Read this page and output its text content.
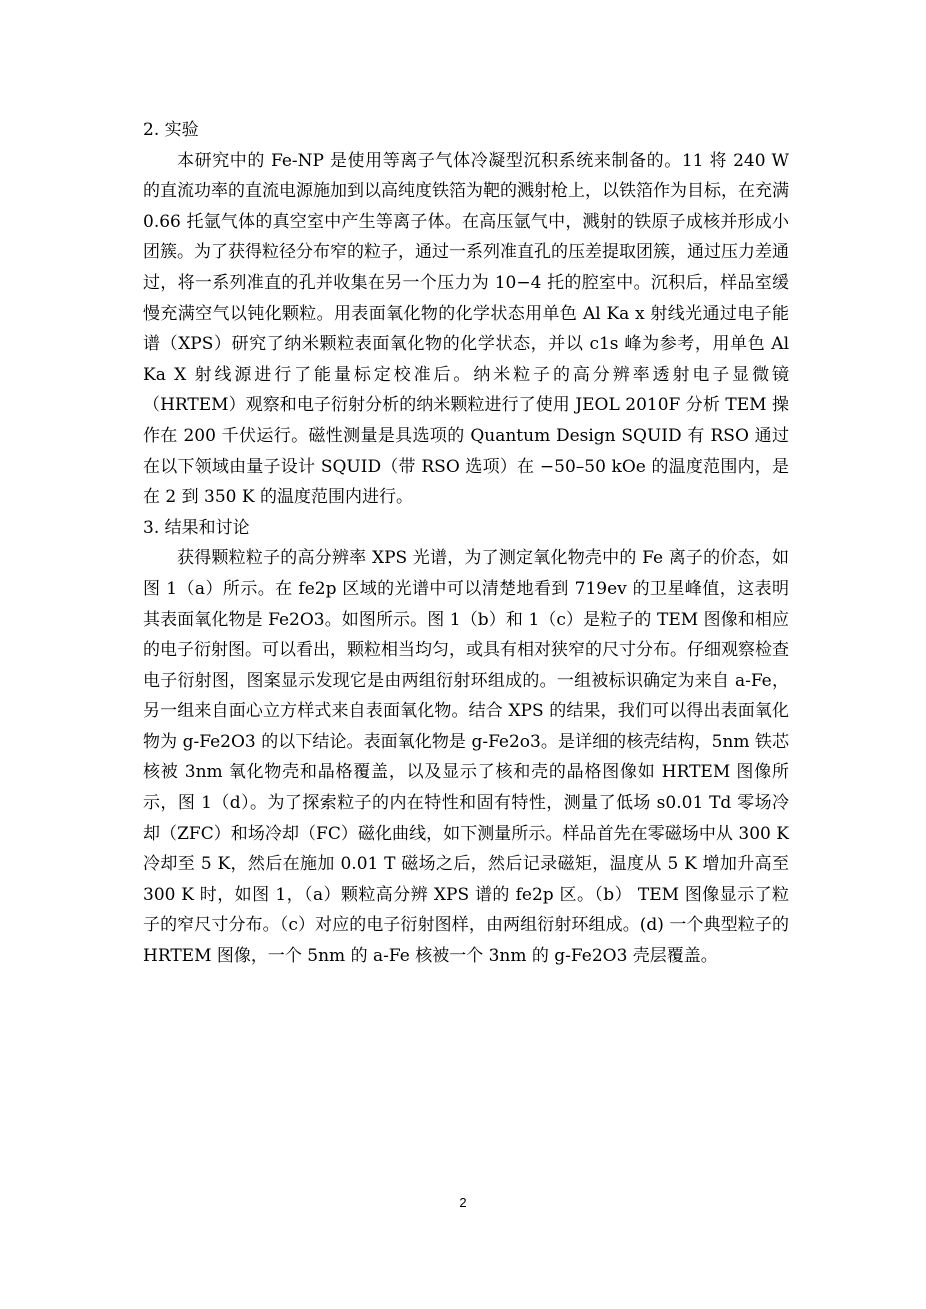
2. 实验

本研究中的 Fe-NP 是使用等离子气体冷凝型沉积系统来制备的。11 将 240 W 的直流功率的直流电源施加到以高纯度铁箔为靶的溅射枪上，以铁箔作为目标，在充满 0.66 托氩气体的真空室中产生等离子体。在高压氩气中，溅射的铁原子成核并形成小团簇。为了获得粒径分布窄的粒子，通过一系列准直孔的压差提取团簇，通过压力差通过，将一系列准直的孔并收集在另一个压力为 10−4 托的腔室中。沉积后，样品室缓慢充满空气以钝化颗粒。用表面氧化物的化学状态用单色 Al Ka x 射线光通过电子能谱（XPS）研究了纳米颗粒表面氧化物的化学状态，并以 c1s 峰为参考，用单色 Al Ka X 射线源进行了能量标定校准后。纳米粒子的高分辨率透射电子显微镜（HRTEM）观察和电子衍射分析的纳米颗粒进行了使用 JEOL 2010F 分析 TEM 操作在 200 千伏运行。磁性测量是具选项的 Quantum Design SQUID 有 RSO 通过在以下领域由量子设计 SQUID（带 RSO 选项）在 −50–50 kOe 的温度范围内，是在 2 到 350 K 的温度范围内进行。

3. 结果和讨论

获得颗粒粒子的高分辨率 XPS 光谱，为了测定氧化物壳中的 Fe 离子的价态，如图 1（a）所示。在 fe2p 区域的光谱中可以清楚地看到 719ev 的卫星峰值，这表明其表面氧化物是 Fe2O3。如图所示。图 1（b）和 1（c）是粒子的 TEM 图像和相应的电子衍射图。可以看出，颗粒相当均匀，或具有相对狭窄的尺寸分布。仔细观察检查电子衍射图，图案显示发现它是由两组衍射环组成的。一组被标识确定为来自 a-Fe，另一组来自面心立方样式来自表面氧化物。结合 XPS 的结果，我们可以得出表面氧化物为 g-Fe2O3 的以下结论。表面氧化物是 g-Fe2o3。是详细的核壳结构，5nm 铁芯核被 3nm 氧化物壳和晶格覆盖，以及显示了核和壳的晶格图像如 HRTEM 图像所示，图 1（d）。为了探索粒子的内在特性和固有特性，测量了低场 s0.01 Td 零场冷却（ZFC）和场冷却（FC）磁化曲线，如下测量所示。样品首先在零磁场中从 300 K 冷却至 5 K，然后在施加 0.01 T 磁场之后，然后记录磁矩，温度从 5 K 增加升高至 300 K 时，如图 1，（a）颗粒高分辨 XPS 谱的 fe2p 区。（b） TEM 图像显示了粒子的窄尺寸分布。（c）对应的电子衍射图样，由两组衍射环组成。(d) 一个典型粒子的 HRTEM 图像，一个 5nm 的 a-Fe 核被一个 3nm 的 g-Fe2O3 壳层覆盖。

2
